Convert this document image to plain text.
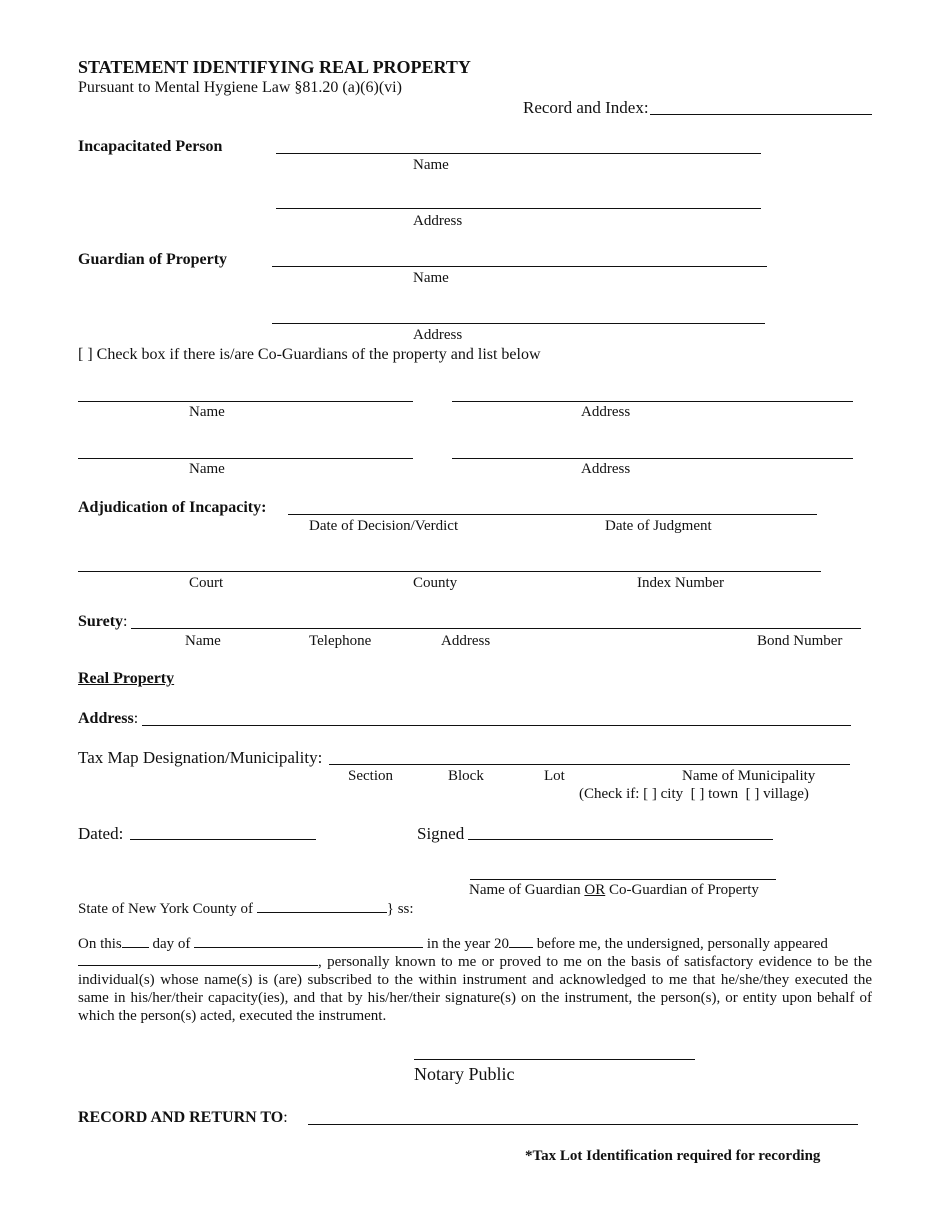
STATEMENT IDENTIFYING REAL PROPERTY
Pursuant to Mental Hygiene Law §81.20 (a)(6)(vi)
Record and Index:
Incapacitated Person
Name
Address
Guardian of Property
Name
Address
[ ] Check box if there is/are Co-Guardians of the property and list below
Name	Address
Name	Address
Adjudication of Incapacity:
Date of Decision/Verdict	Date of Judgment
Court	County	Index Number
Surety:
Name	Telephone	Address	Bond Number
Real Property
Address:
Tax Map Designation/Municipality:
Section	Block	Lot	Name of Municipality
(Check if: [ ] city  [ ] town  [ ] village)
Dated:	Signed
Name of Guardian OR Co-Guardian of Property
State of New York County of	} ss:
On this day of	in the year 20 before me, the undersigned, personally appeared
, personally known to me or proved to me on the basis of satisfactory evidence to be the individual(s) whose name(s) is (are) subscribed to the within instrument and acknowledged to me that he/she/they executed the same in his/her/their capacity(ies), and that by his/her/their signature(s) on the instrument, the person(s), or entity upon behalf of which the person(s) acted, executed the instrument.
Notary Public
RECORD AND RETURN TO:
*Tax Lot Identification required for recording
